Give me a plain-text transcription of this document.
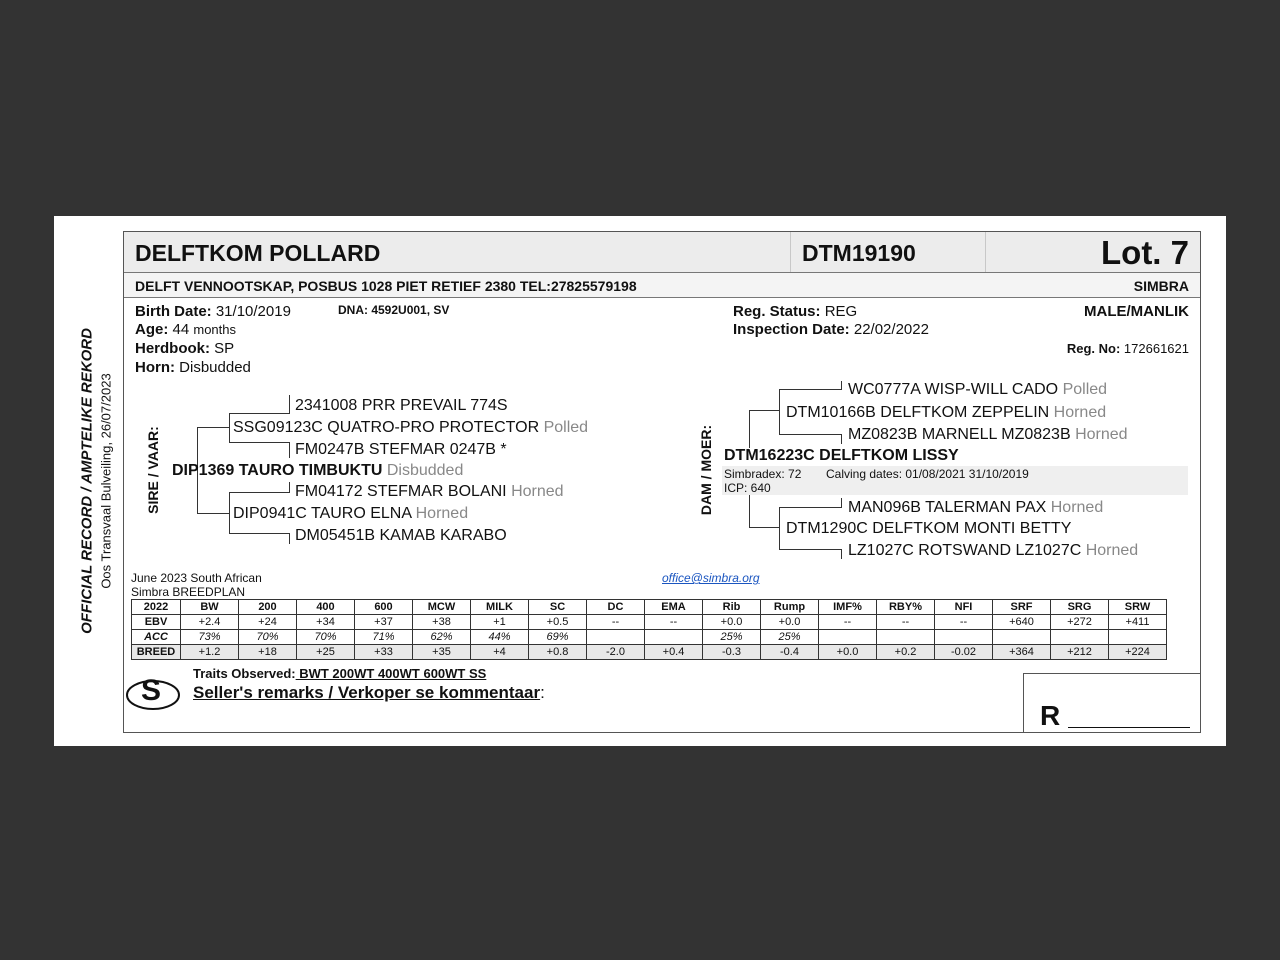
OFFICIAL RECORD / AMPTELIKE REKORD Oos Transvaal Bulveiling, 26/07/2023
DELFTKOM POLLARD	DTM19190	Lot. 7
DELFT VENNOOTSKAP, POSBUS 1028 PIET RETIEF 2380 TEL:27825579198	SIMBRA
Birth Date: 31/10/2019	DNA: 4592U001, SV
Age: 44 months
Herdbook: SP
Horn: Disbudded
Reg. Status: REG
Inspection Date: 22/02/2022
MALE/MANLIK
Reg. No: 172661621
SIRE / VAAR:
2341008 PRR PREVAIL 774S
SSG09123C QUATRO-PRO PROTECTOR Polled
FM0247B STEFMAR 0247B *
DIP1369 TAURO TIMBUKTU Disbudded
FM04172 STEFMAR BOLANI Horned
DIP0941C TAURO ELNA Horned
DM05451B KAMAB KARABO
DAM / MOER:
WC0777A WISP-WILL CADO Polled
DTM10166B DELFTKOM ZEPPELIN Horned
MZ0823B MARNELL MZ0823B Horned
DTM16223C DELFTKOM LISSY
Simbradex: 72 Calving dates: 01/08/2021 31/10/2019
ICP: 640
MAN096B TALERMAN PAX Horned
DTM1290C DELFTKOM MONTI BETTY
LZ1027C ROTSWAND LZ1027C Horned
June 2023 South African
Simbra BREEDPLAN
office@simbra.org
2022	BW	200	400	600	MCW	MILK	SC	DC	EMA	Rib	Rump	IMF%	RBY%	NFI	SRF	SRG	SRW
EBV	+2.4	+24	+34	+37	+38	+1	+0.5	--	--	+0.0	+0.0	--	--	--	+640	+272	+411
ACC	73%	70%	70%	71%	62%	44%	69%			25%	25%						
BREED	+1.2	+18	+25	+33	+35	+4	+0.8	-2.0	+0.4	-0.3	-0.4	+0.0	+0.2	-0.02	+364	+212	+224
S
Traits Observed: BWT 200WT 400WT 600WT SS
Seller's remarks / Verkoper se kommentaar:
R
